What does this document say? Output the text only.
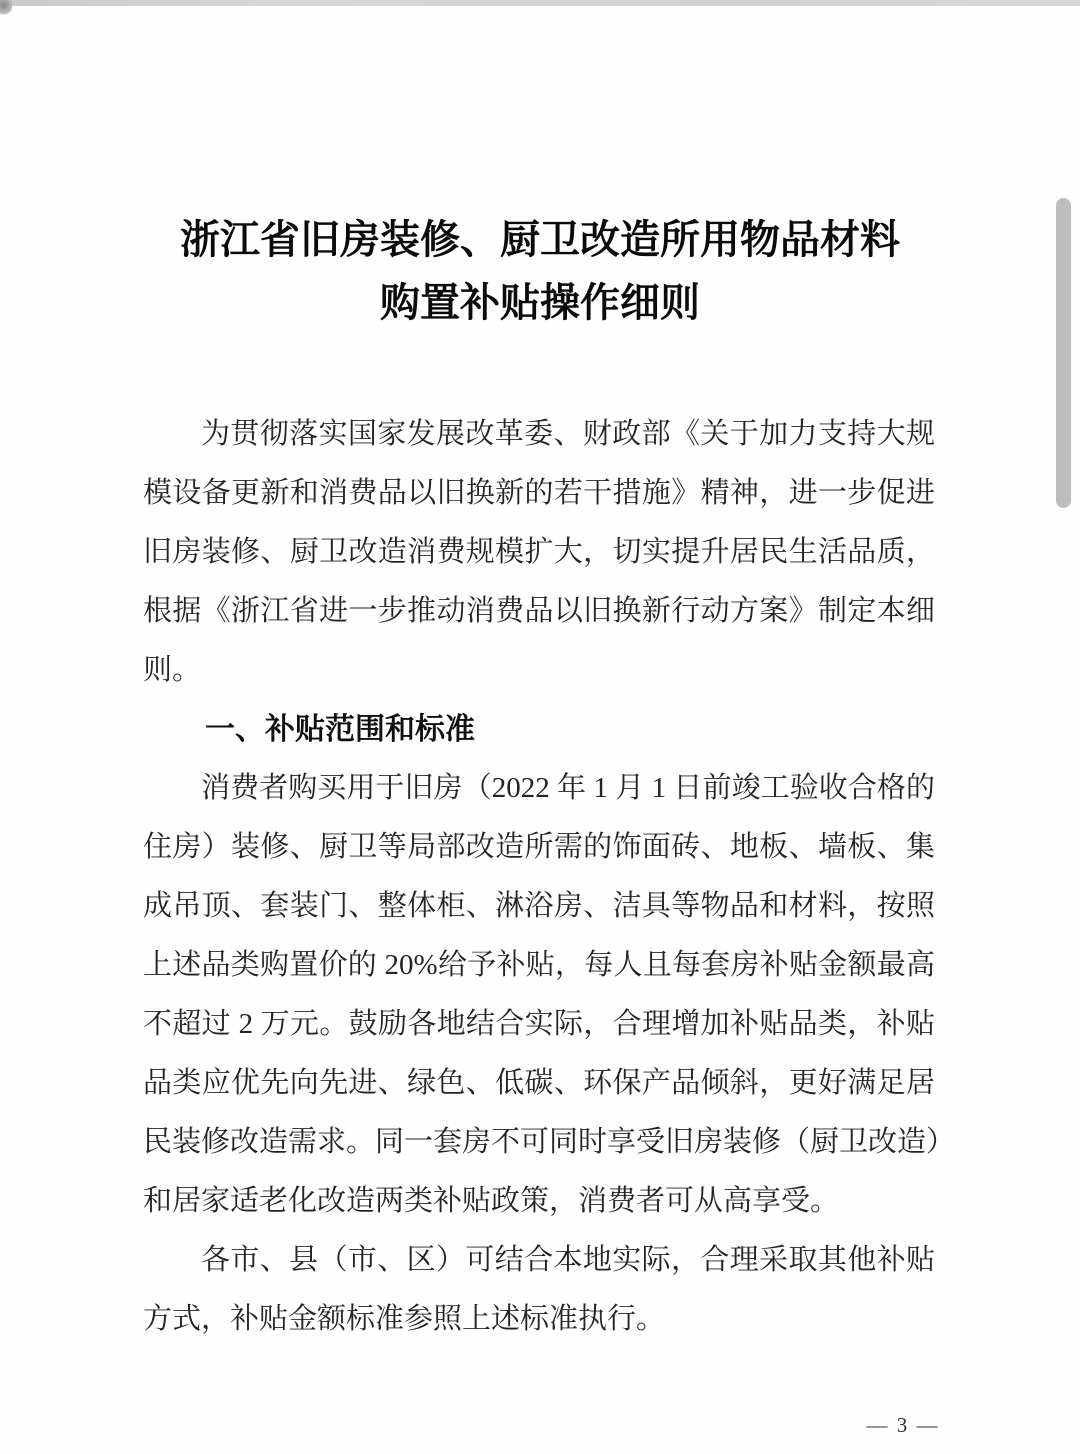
浙江省旧房装修、厨卫改造所用物品材料
购置补贴操作细则
为贯彻落实国家发展改革委、财政部《关于加力支持大规
模设备更新和消费品以旧换新的若干措施》精神，进一步促进
旧房装修、厨卫改造消费规模扩大，切实提升居民生活品质，
根据《浙江省进一步推动消费品以旧换新行动方案》制定本细
则。
一、补贴范围和标准
消费者购买用于旧房（2022 年 1 月 1 日前竣工验收合格的
住房）装修、厨卫等局部改造所需的饰面砖、地板、墙板、集
成吊顶、套装门、整体柜、淋浴房、洁具等物品和材料，按照
上述品类购置价的 20%给予补贴，每人且每套房补贴金额最高
不超过 2 万元。鼓励各地结合实际，合理增加补贴品类，补贴
品类应优先向先进、绿色、低碳、环保产品倾斜，更好满足居
民装修改造需求。同一套房不可同时享受旧房装修（厨卫改造）
和居家适老化改造两类补贴政策，消费者可从高享受。
各市、县（市、区）可结合本地实际，合理采取其他补贴
方式，补贴金额标准参照上述标准执行。
— 3 —
